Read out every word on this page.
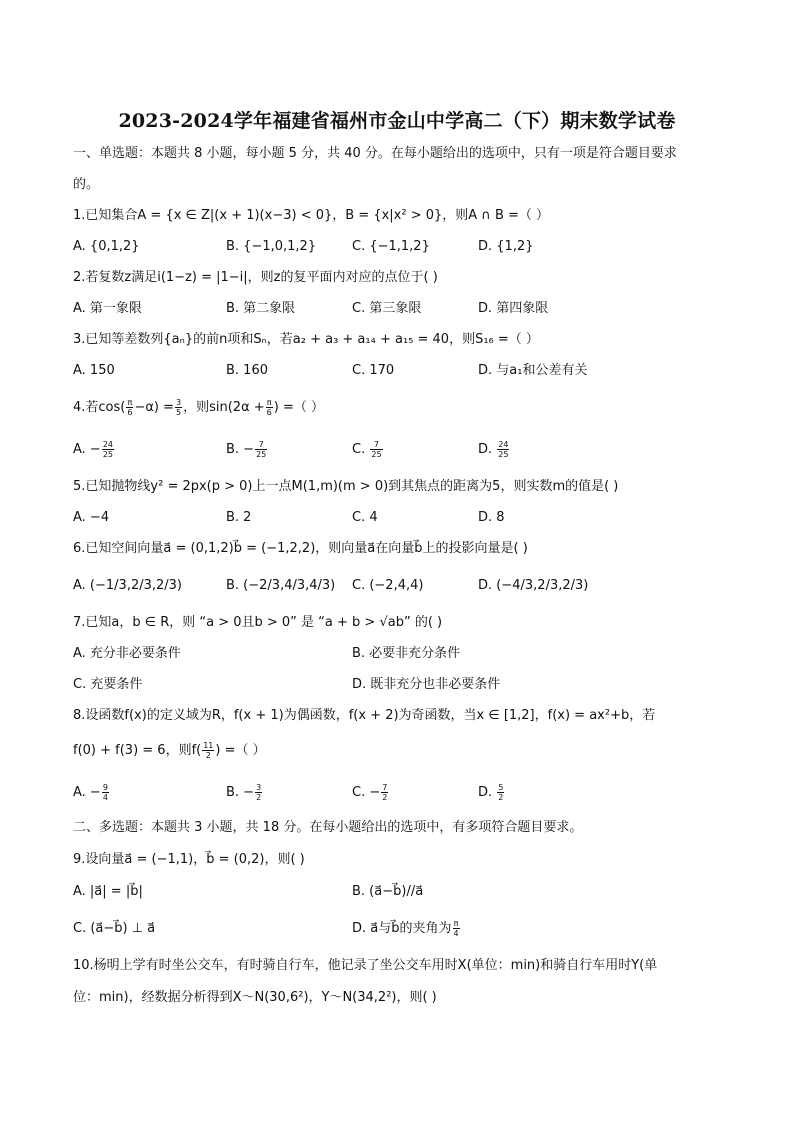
2023-2024学年福建省福州市金山中学高二（下）期末数学试卷
一、单选题：本题共 8 小题，每小题 5 分，共 40 分。在每小题给出的选项中，只有一项是符合题目要求
的。
1.已知集合A = {x ∈ Z|(x + 1)(x−3) < 0}，B = {x|x² > 0}，则A ∩ B =（ ）
A. {0,1,2}	B. {−1,0,1,2}	C. {−1,1,2}	D. {1,2}
2.若复数z满足i(1−z) = |1−i|，则z的复平面内对应的点位于( )
A. 第一象限	B. 第二象限	C. 第三象限	D. 第四象限
3.已知等差数列{aₙ}的前n项和Sₙ，若a₂ + a₃ + a₁₄ + a₁₅ = 40，则S₁₆ =（ ）
A. 150	B. 160	C. 170	D. 与a₁和公差有关
4.若$\cos( \frac{\pi}{6} -\alpha) = \frac{3}{5}$ ，则$\sin(2\alpha + \frac{\pi}{6}$ ) =（ ）
A. − $\frac{24}{25}$	B. − $\frac{7}{25}$	C. $\frac{7}{25}$	D. $\frac{24}{25}$
5.已知抛物线y² = 2px(p > 0)上一点M(1,m)(m > 0)到其焦点的距离为5，则实数m的值是( )
A. −4	B. 2	C. 4	D. 8
6.已知空间向量a⃗ = (0,1,2)b⃗ = (−1,2,2)，则向量a⃗在向量b⃗上的投影向量是( )
A. (−1/3,2/3,2/3)	B. (−2/3,4/3,4/3) C. (−2,4,4)	D. (−4/3,2/3,2/3)
7.已知a，b ∈ R，则 “a > 0且b > 0” 是 “a + b > √ab” 的( )
A. 充分非必要条件	B. 必要非充分条件
C. 充要条件	D. 既非充分也非必要条件
8.设函数f(x)的定义域为R，f(x + 1)为偶函数，f(x + 2)为奇函数，当x ∈ [1,2]，f(x) = ax²+b，若
f(0) + f(3) = 6，则$f( \frac{11}{2}$ ) =（ ）
A. − $\frac{9}{4}$	B. − $\frac{3}{2}$	C. − $\frac{7}{2}$	D. $\frac{5}{2}$
二、多选题：本题共 3 小题，共 18 分。在每小题给出的选项中，有多项符合题目要求。
9.设向量a⃗ = (−1,1)，b⃗ = (0,2)，则( )
A. |a⃗| = |b⃗|	B. (a⃗−b⃗)//a⃗
C. (a⃗−b⃗) ⊥ a⃗	D. a⃗与b⃗的夹角为 $\frac{\pi}{4}$
10.杨明上学有时坐公交车，有时骑自行车，他记录了坐公交车用时X(单位：min)和骑自行车用时Y(单
位：min)，经数据分析得到X～N(30,6²)，Y～N(34,2²)，则( )
